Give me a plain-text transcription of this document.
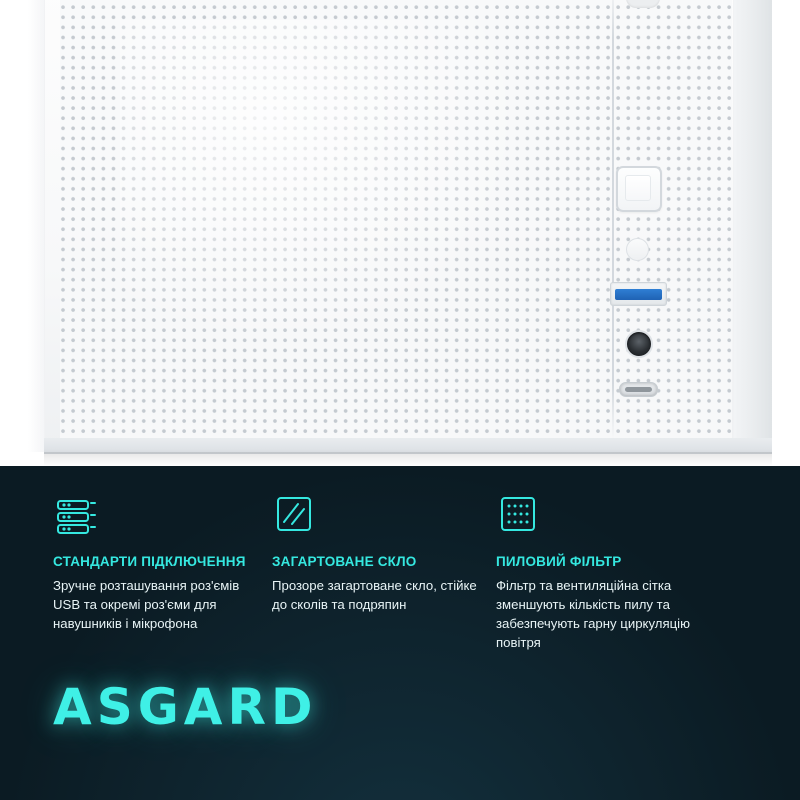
СТАНДАРТИ ПІДКЛЮЧЕННЯ
Зручне розташування роз'ємів USB та окремі роз'єми для навушників і мікрофона
ЗАГАРТОВАНЕ СКЛО
Прозоре загартоване скло, стійке до сколів та подряпин
ПИЛОВИЙ ФІЛЬТР
Фільтр та вентиляційна сітка зменшують кількість пилу та забезпечують гарну циркуляцію повітря
ASGARD
